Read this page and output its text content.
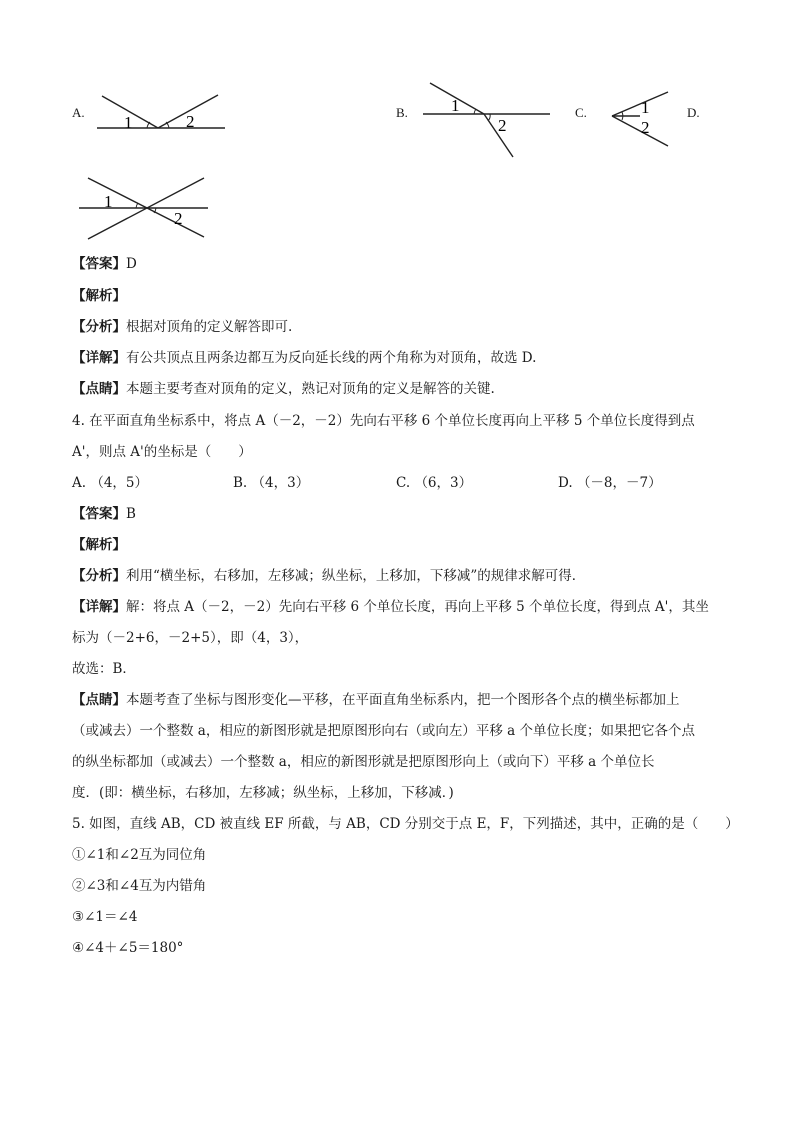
A.
1	2	B.	1
2
C.	1
2
D.
1
2
【答案】D
【解析】
【分析】根据对顶角的定义解答即可.
【详解】有公共顶点且两条边都互为反向延长线的两个角称为对顶角，故选 D.
【点睛】本题主要考查对顶角的定义，熟记对顶角的定义是解答的关键.
4. 在平面直角坐标系中，将点 A（－2，－2）先向右平移 6 个单位长度再向上平移 5 个单位长度得到点
A'，则点 A'的坐标是（　　）
A. （4，5）	B. （4，3）	C. （6，3）	D. （－8，－7）
【答案】B
【解析】
【分析】利用“横坐标，右移加，左移减；纵坐标，上移加，下移减”的规律求解可得．
【详解】解：将点 A（－2，－2）先向右平移 6 个单位长度，再向上平移 5 个单位长度，得到点 A'，其坐
标为（－2+6，－2+5），即（4，3），
故选：B．
【点睛】本题考查了坐标与图形变化—平移，在平面直角坐标系内，把一个图形各个点的横坐标都加上
（或减去）一个整数 a，相应的新图形就是把原图形向右（或向左）平移 a 个单位长度；如果把它各个点
的纵坐标都加（或减去）一个整数 a，相应的新图形就是把原图形向上（或向下）平移 a 个单位长
度．(即：横坐标，右移加，左移减；纵坐标，上移加，下移减．)
5. 如图，直线 AB，CD 被直线 EF 所截，与 AB，CD 分别交于点 E，F，下列描述，其中，正确的是（　　）
①∠1和∠2互为同位角
②∠3和∠4互为内错角
③∠1＝∠4
④∠4＋∠5＝180°
